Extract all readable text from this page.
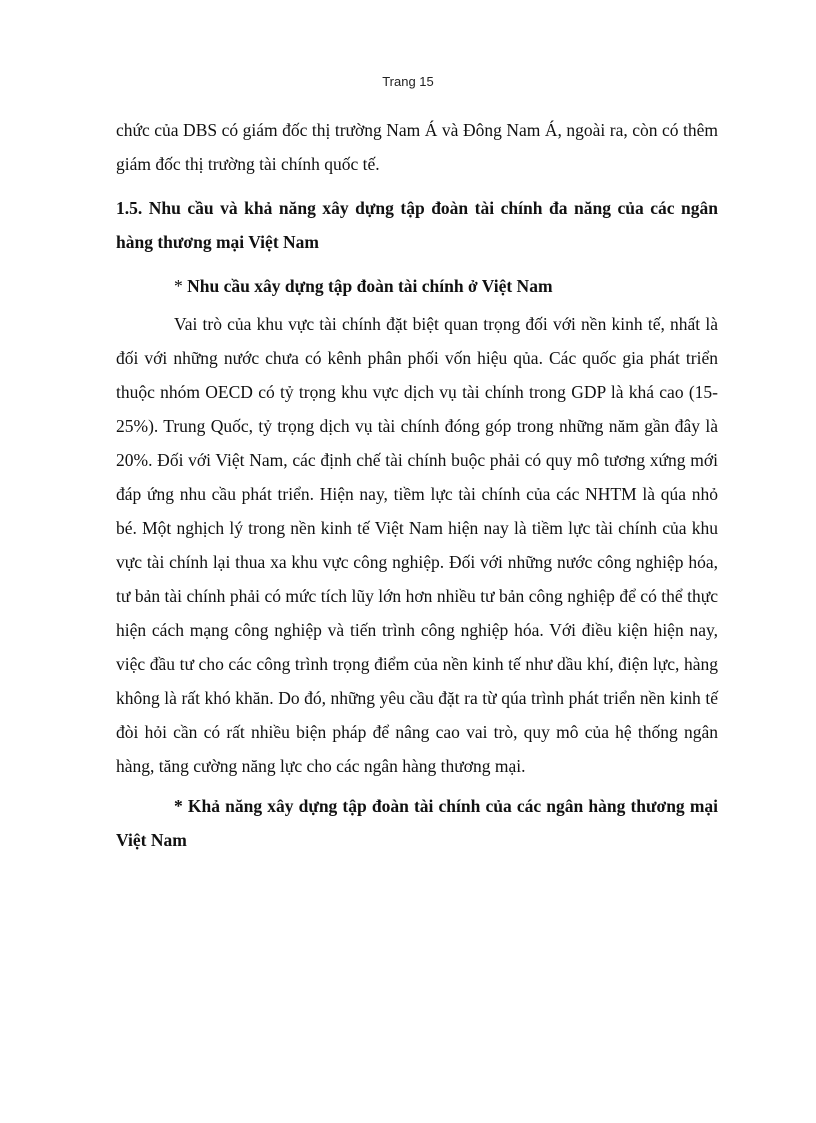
Trang 15

chức của DBS có giám đốc thị trường Nam Á và Đông Nam Á, ngoài ra, còn có thêm giám đốc thị trường tài chính quốc tế.

1.5. Nhu cầu và khả năng xây dựng tập đoàn tài chính đa năng của các ngân hàng thương mại Việt Nam

* Nhu cầu xây dựng tập đoàn tài chính ở Việt Nam

Vai trò của khu vực tài chính đặt biệt quan trọng đối với nền kinh tế, nhất là đối với những nước chưa có kênh phân phối vốn hiệu qủa. Các quốc gia phát triển thuộc nhóm OECD có tỷ trọng khu vực dịch vụ tài chính trong GDP là khá cao (15-25%). Trung Quốc, tỷ trọng dịch vụ tài chính đóng góp trong những năm gần đây là 20%. Đối với Việt Nam, các định chế tài chính buộc phải có quy mô tương xứng mới đáp ứng nhu cầu phát triển. Hiện nay, tiềm lực tài chính của các NHTM là qúa nhỏ bé. Một nghịch lý trong nền kinh tế Việt Nam hiện nay là tiềm lực tài chính của khu vực tài chính lại thua xa khu vực công nghiệp. Đối với những nước công nghiệp hóa, tư bản tài chính phải có mức tích lũy lớn hơn nhiều tư bản công nghiệp để có thể thực hiện cách mạng công nghiệp và tiến trình công nghiệp hóa. Với điều kiện hiện nay, việc đầu tư cho các công trình trọng điểm của nền kinh tế như dầu khí, điện lực, hàng không là rất khó khăn. Do đó, những yêu cầu đặt ra từ qúa trình phát triển nền kinh tế đòi hỏi cần có rất nhiều biện pháp để nâng cao vai trò, quy mô của hệ thống ngân hàng, tăng cường năng lực cho các ngân hàng thương mại.

* Khả năng xây dựng tập đoàn tài chính của các ngân hàng thương mại Việt Nam
